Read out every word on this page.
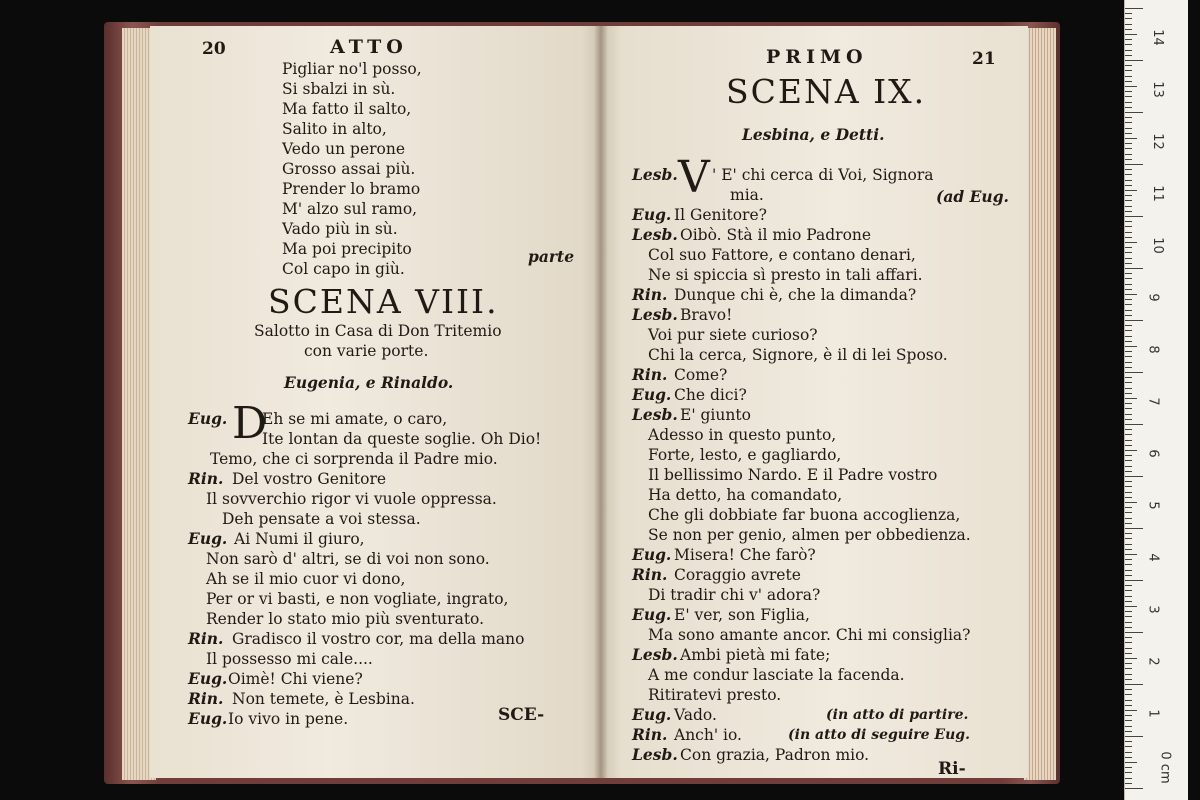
20	ATTO
Pigliar no'l posso,
Si sbalzi in sù.
Ma fatto il salto,
Salito in alto,
Vedo un perone
Grosso assai più.
Prender lo bramo
M' alzo sul ramo,
Vado più in sù.
Ma poi precipito
Col capo in giù.
parte
SCENA VIII.
Salotto in Casa di Don Tritemio
con varie porte.
Eugenia, e Rinaldo.
D
Eug. Eh se mi amate, o caro,
Ite lontan da queste soglie. Oh Dio!
Temo, che ci sorprenda il Padre mio.
Rin. Del vostro Genitore
Il sovverchio rigor vi vuole oppressa.
Deh pensate a voi stessa.
Eug. Ai Numi il giuro,
Non sarò d' altri, se di voi non sono.
Ah se il mio cuor vi dono,
Per or vi basti, e non vogliate, ingrato,
Render lo stato mio più sventurato.
Rin. Gradisco il vostro cor, ma della mano
Il possesso mi cale....
Eug. Oimè! Chi viene?
Rin. Non temete, è Lesbina.
Eug. Io vivo in pene.	SCE-
PRIMO	21
SCENA IX.
Lesbina, e Detti.
Lesb. V ' E' chi cerca di Voi, Signora
mia.	(ad Eug.
Eug. Il Genitore?
Lesb. Oibò. Stà il mio Padrone
Col suo Fattore, e contano denari,
Ne si spiccia sì presto in tali affari.
Rin. Dunque chi è, che la dimanda?
Lesb. Bravo!
Voi pur siete curioso?
Chi la cerca, Signore, è il di lei Sposo.
Rin. Come?
Eug. Che dici?
Lesb. E' giunto
Adesso in questo punto,
Forte, lesto, e gagliardo,
Il bellissimo Nardo. E il Padre vostro
Ha detto, ha comandato,
Che gli dobbiate far buona accoglienza,
Se non per genio, almen per obbedienza.
Eug. Misera! Che farò?
Rin. Coraggio avrete
Di tradir chi v' adora?
Eug. E' ver, son Figlia,
Ma sono amante ancor. Chi mi consiglia?
Lesb. Ambi pietà mi fate;
A me condur lasciate la facenda.
Ritiratevi presto.
Eug. Vado.
Rin. Anch' io.
Lesb. Con grazia, Padron mio.
(in atto di partire.
(in atto di seguire Eug.
Ri-
14
13
12
11
10
9
8
7
6
5
4
3
2
1
0 cm
